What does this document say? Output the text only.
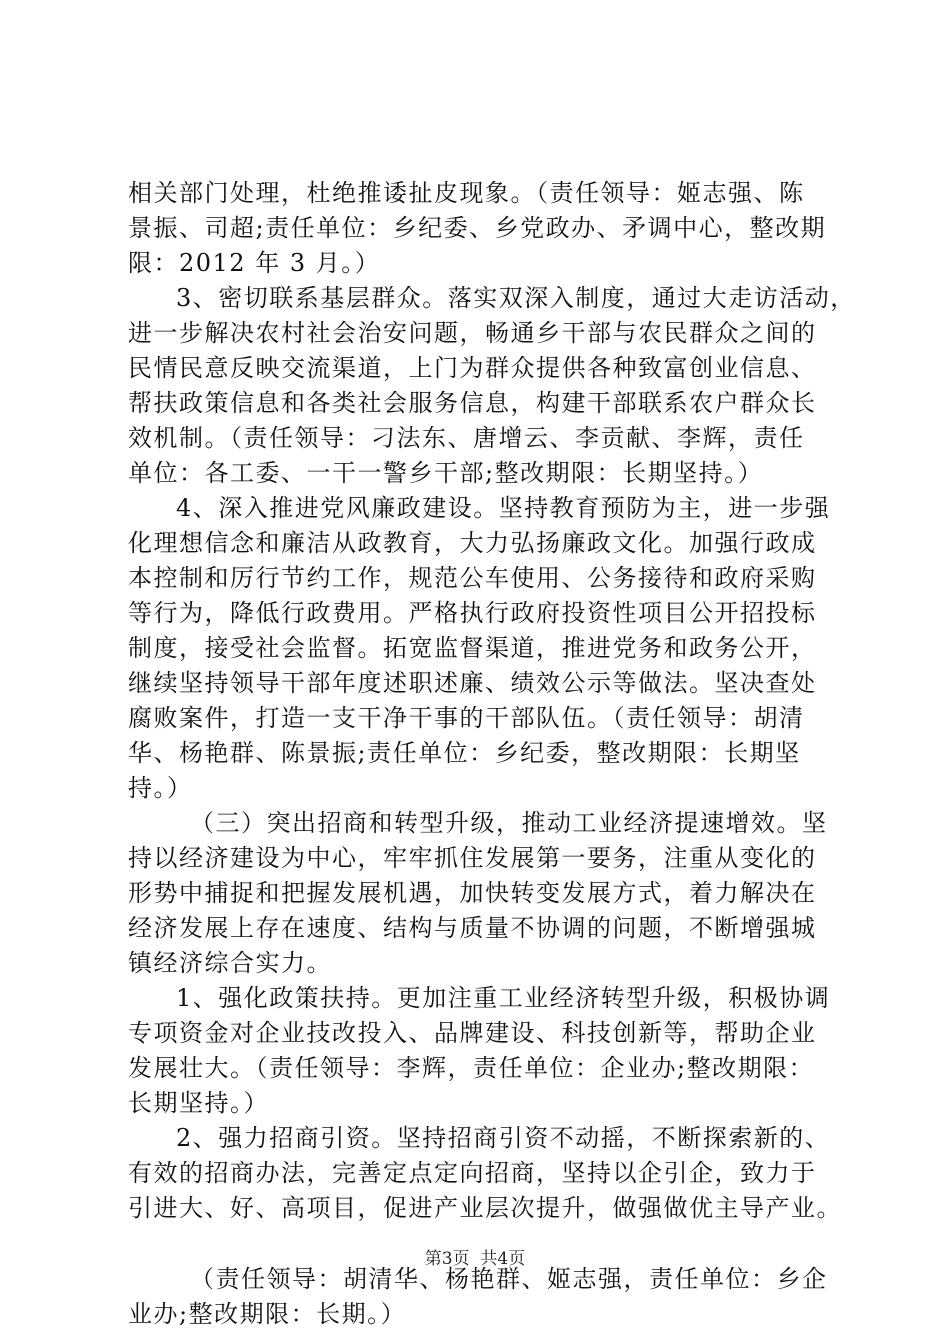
相关部门处理，杜绝推诿扯皮现象。（责任领导：姬志强、陈
景振、司超;责任单位：乡纪委、乡党政办、矛调中心，整改期
限：2012 年 3 月。）
3、密切联系基层群众。落实双深入制度，通过大走访活动，
进一步解决农村社会治安问题，畅通乡干部与农民群众之间的
民情民意反映交流渠道，上门为群众提供各种致富创业信息、
帮扶政策信息和各类社会服务信息，构建干部联系农户群众长
效机制。（责任领导：刁法东、唐增云、李贡献、李辉，责任
单位：各工委、一干一警乡干部;整改期限：长期坚持。）
4、深入推进党风廉政建设。坚持教育预防为主，进一步强
化理想信念和廉洁从政教育，大力弘扬廉政文化。加强行政成
本控制和厉行节约工作，规范公车使用、公务接待和政府采购
等行为，降低行政费用。严格执行政府投资性项目公开招投标
制度，接受社会监督。拓宽监督渠道，推进党务和政务公开，
继续坚持领导干部年度述职述廉、绩效公示等做法。坚决查处
腐败案件，打造一支干净干事的干部队伍。（责任领导：胡清
华、杨艳群、陈景振;责任单位：乡纪委，整改期限：长期坚
持。）
（三）突出招商和转型升级，推动工业经济提速增效。坚
持以经济建设为中心，牢牢抓住发展第一要务，注重从变化的
形势中捕捉和把握发展机遇，加快转变发展方式，着力解决在
经济发展上存在速度、结构与质量不协调的问题，不断增强城
镇经济综合实力。
1、强化政策扶持。更加注重工业经济转型升级，积极协调
专项资金对企业技改投入、品牌建设、科技创新等，帮助企业
发展壮大。（责任领导：李辉，责任单位：企业办;整改期限：
长期坚持。）
2、强力招商引资。坚持招商引资不动摇，不断探索新的、
有效的招商办法，完善定点定向招商，坚持以企引企，致力于
引进大、好、高项目，促进产业层次提升，做强做优主导产业。
（责任领导：胡清华、杨艳群、姬志强，责任单位：乡企
业办;整改期限：长期。）
第3页  共4页
